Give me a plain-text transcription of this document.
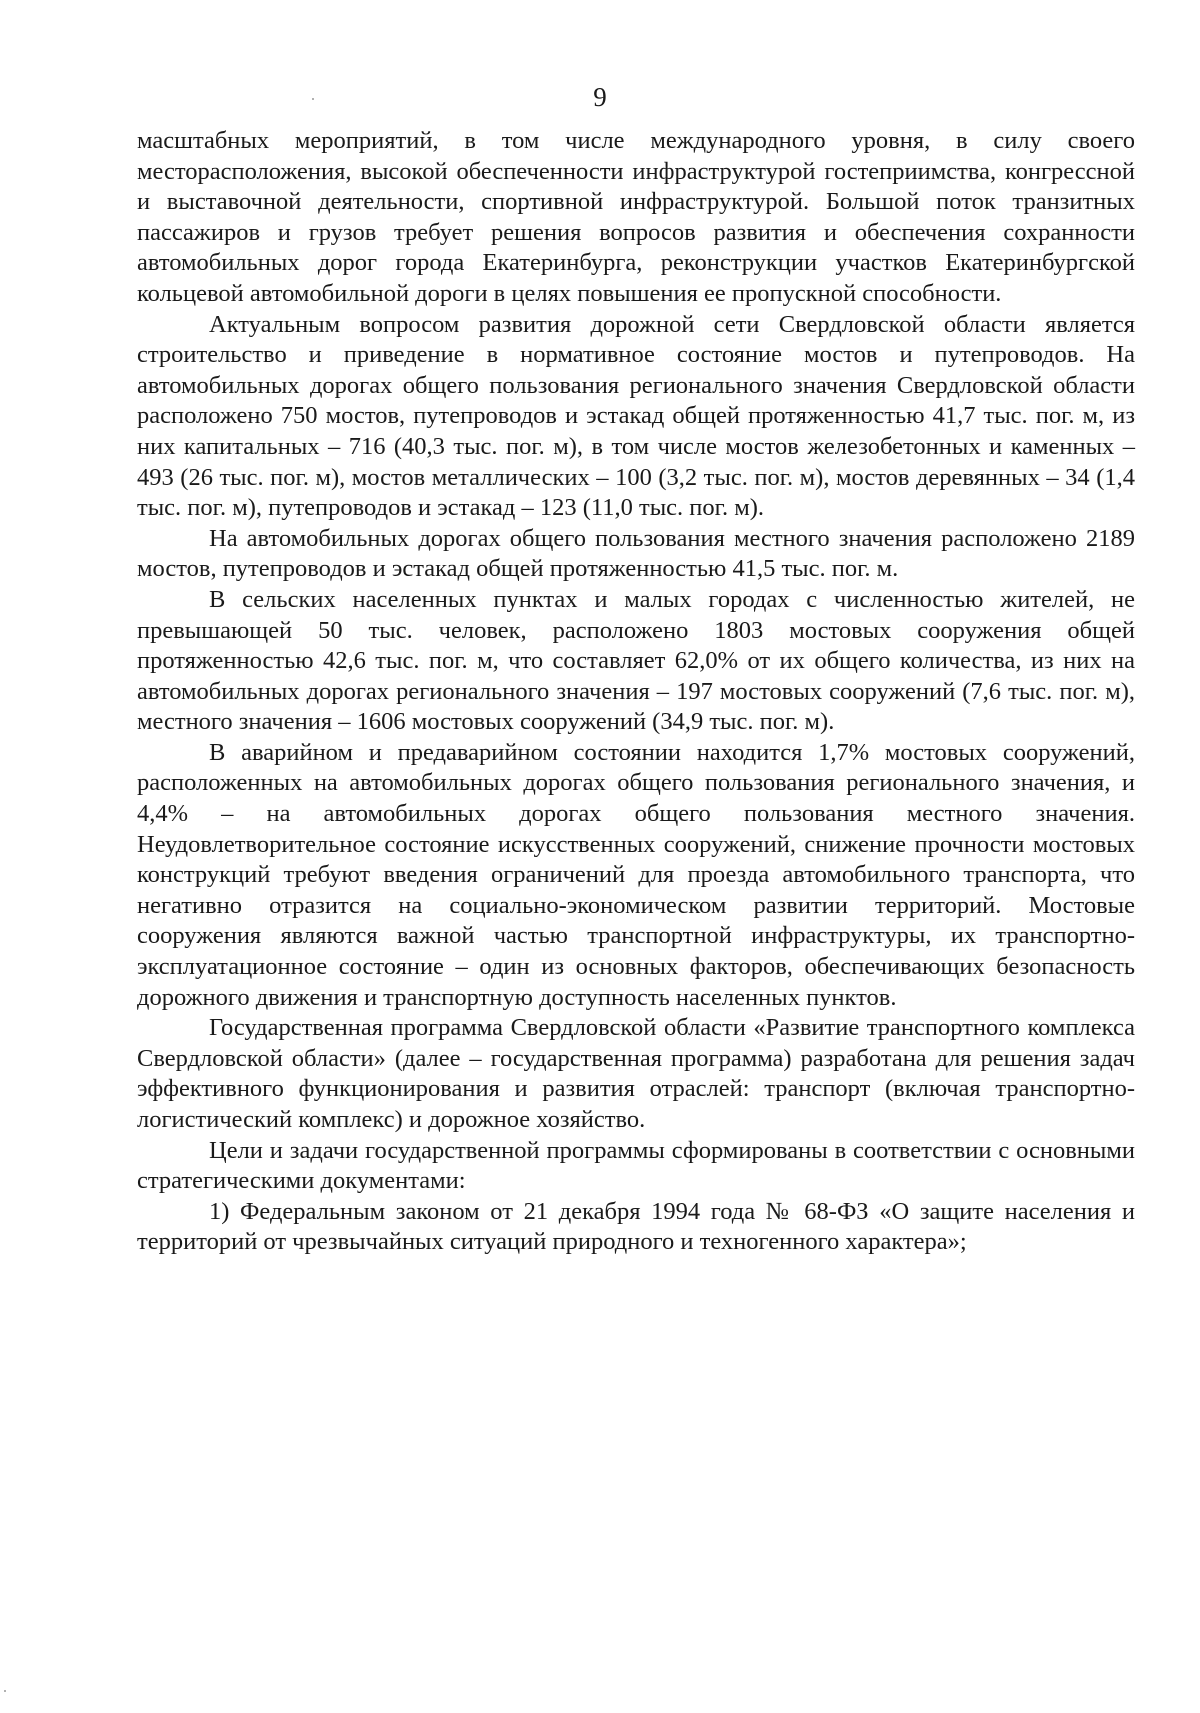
9

масштабных мероприятий, в том числе международного уровня, в силу своего месторасположения, высокой обеспеченности инфраструктурой гостеприимства, конгрессной и выставочной деятельности, спортивной инфраструктурой. Большой поток транзитных пассажиров и грузов требует решения вопросов развития и обеспечения сохранности автомобильных дорог города Екатеринбурга, реконструкции участков Екатеринбургской кольцевой автомобильной дороги в целях повышения ее пропускной способности.

Актуальным вопросом развития дорожной сети Свердловской области является строительство и приведение в нормативное состояние мостов и путепроводов. На автомобильных дорогах общего пользования регионального значения Свердловской области расположено 750 мостов, путепроводов и эстакад общей протяженностью 41,7 тыс. пог. м, из них капитальных – 716 (40,3 тыс. пог. м), в том числе мостов железобетонных и каменных – 493 (26 тыс. пог. м), мостов металлических – 100 (3,2 тыс. пог. м), мостов деревянных – 34 (1,4 тыс. пог. м), путепроводов и эстакад – 123 (11,0 тыс. пог. м).

На автомобильных дорогах общего пользования местного значения расположено 2189 мостов, путепроводов и эстакад общей протяженностью 41,5 тыс. пог. м.

В сельских населенных пунктах и малых городах с численностью жителей, не превышающей 50 тыс. человек, расположено 1803 мостовых сооружения общей протяженностью 42,6 тыс. пог. м, что составляет 62,0% от их общего количества, из них на автомобильных дорогах регионального значения – 197 мостовых сооружений (7,6 тыс. пог. м), местного значения – 1606 мостовых сооружений (34,9 тыс. пог. м).

В аварийном и предаварийном состоянии находится 1,7% мостовых сооружений, расположенных на автомобильных дорогах общего пользования регионального значения, и 4,4% – на автомобильных дорогах общего пользования местного значения. Неудовлетворительное состояние искусственных сооружений, снижение прочности мостовых конструкций требуют введения ограничений для проезда автомобильного транспорта, что негативно отразится на социально-экономическом развитии территорий. Мостовые сооружения являются важной частью транспортной инфраструктуры, их транспортно-эксплуатационное состояние – один из основных факторов, обеспечивающих безопасность дорожного движения и транспортную доступность населенных пунктов.

Государственная программа Свердловской области «Развитие транспортного комплекса Свердловской области» (далее – государственная программа) разработана для решения задач эффективного функционирования и развития отраслей: транспорт (включая транспортно-логистический комплекс) и дорожное хозяйство.

Цели и задачи государственной программы сформированы в соответствии с основными стратегическими документами:

1) Федеральным законом от 21 декабря 1994 года № 68-ФЗ «О защите населения и территорий от чрезвычайных ситуаций природного и техногенного характера»;
